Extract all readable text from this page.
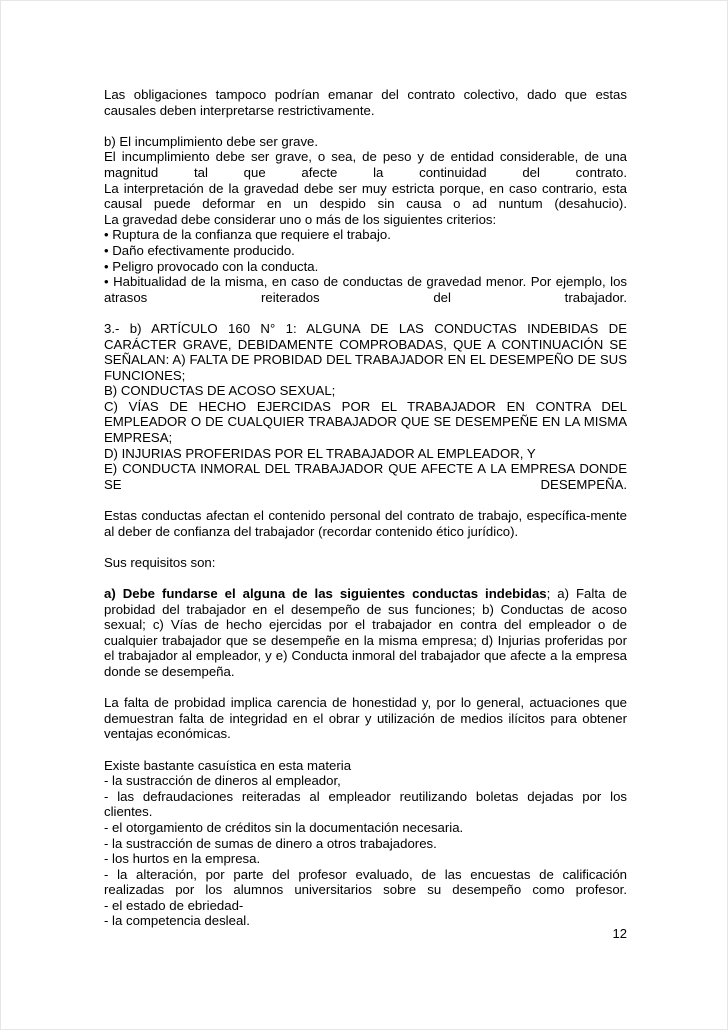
Las obligaciones tampoco podrían emanar del contrato colectivo, dado que estas causales deben interpretarse restrictivamente.

b) El incumplimiento debe ser grave.
El incumplimiento debe ser grave, o sea, de peso y de entidad considerable, de una magnitud tal que afecte la continuidad del contrato.
La interpretación de la gravedad debe ser muy estricta porque, en caso contrario, esta causal puede deformar en un despido sin causa o ad nuntum (desahucio).
La gravedad debe considerar uno o más de los siguientes criterios:
• Ruptura de la confianza que requiere el trabajo.
• Daño efectivamente producido.
• Peligro provocado con la conducta.
• Habitualidad de la misma, en caso de conductas de gravedad menor. Por ejemplo, los atrasos reiterados del trabajador.
3.- b) ARTÍCULO 160 N° 1: ALGUNA DE LAS CONDUCTAS INDEBIDAS DE CARÁCTER GRAVE, DEBIDAMENTE COMPROBADAS, QUE A CONTINUACIÓN SE SEÑALAN: A) FALTA DE PROBIDAD DEL TRABAJADOR EN EL DESEMPEÑO DE SUS FUNCIONES;
B) CONDUCTAS DE ACOSO SEXUAL;
C) VÍAS DE HECHO EJERCIDAS POR EL TRABAJADOR EN CONTRA DEL EMPLEADOR O DE CUALQUIER TRABAJADOR QUE SE DESEMPEÑE EN LA MISMA EMPRESA;
D) INJURIAS PROFERIDAS POR EL TRABAJADOR AL EMPLEADOR, Y
E) CONDUCTA INMORAL DEL TRABAJADOR QUE AFECTE A LA EMPRESA DONDE SE DESEMPEÑA.

Estas conductas afectan el contenido personal del contrato de trabajo, específica-mente al deber de confianza del trabajador (recordar contenido ético jurídico).

Sus requisitos son:

a) Debe fundarse el alguna de las siguientes conductas indebidas; a) Falta de probidad del trabajador en el desempeño de sus funciones; b) Conductas de acoso sexual; c) Vías de hecho ejercidas por el trabajador en contra del empleador o de cualquier trabajador que se desempeñe en la misma empresa; d) Injurias proferidas por el trabajador al empleador, y e) Conducta inmoral del trabajador que afecte a la empresa donde se desempeña.

La falta de probidad implica carencia de honestidad y, por lo general, actuaciones que demuestran falta de integridad en el obrar y utilización de medios ilícitos para obtener ventajas económicas.

Existe bastante casuística en esta materia
- la sustracción de dineros al empleador,
- las defraudaciones reiteradas al empleador reutilizando boletas dejadas por los clientes.
- el otorgamiento de créditos sin la documentación necesaria.
- la sustracción de sumas de dinero a otros trabajadores.
- los hurtos en la empresa.
- la alteración, por parte del profesor evaluado, de las encuestas de calificación realizadas por los alumnos universitarios sobre su desempeño como profesor.
- el estado de ebriedad-
- la competencia desleal.
12
